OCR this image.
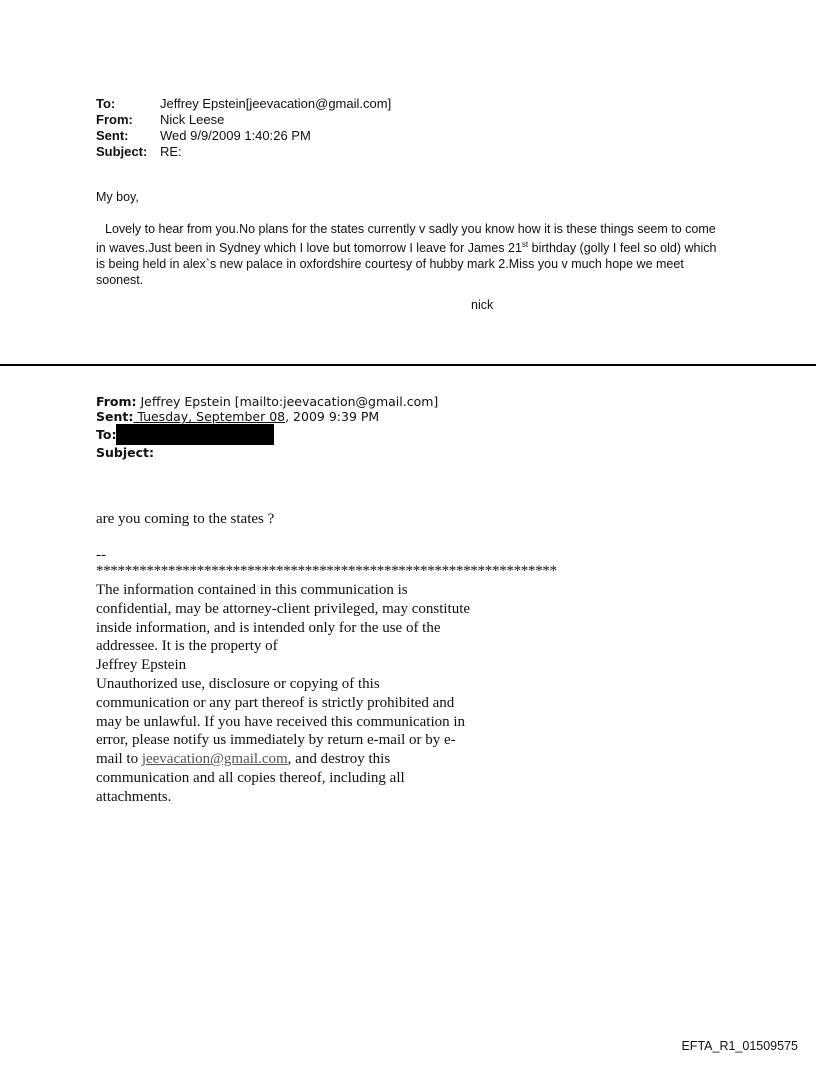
To:	Jeffrey Epstein[jeevacation@gmail.com]
From:	Nick Leese
Sent:	Wed 9/9/2009 1:40:26 PM
Subject: RE:
My boy,
Lovely to hear from you.No plans for the states currently v sadly you know how it is these things seem to come in waves.Just been in Sydney which I love but tomorrow I leave for James 21st birthday (golly I feel so old) which is being held in alex`s new palace in oxfordshire courtesy of hubby mark 2.Miss you v much hope we meet soonest.
nick
From: Jeffrey Epstein [mailto:jeevacation@gmail.com]
Sent: Tuesday, September 08, 2009 9:39 PM
To:
Subject:
are you coming to the states ?
--
****************************************************************
The information contained in this communication is confidential, may be attorney-client privileged, may constitute inside information, and is intended only for the use of the addressee. It is the property of
Jeffrey Epstein
Unauthorized use, disclosure or copying of this communication or any part thereof is strictly prohibited and may be unlawful. If you have received this communication in error, please notify us immediately by return e-mail or by e-mail to jeevacation@gmail.com, and destroy this communication and all copies thereof, including all attachments.
EFTA_R1_01509575
